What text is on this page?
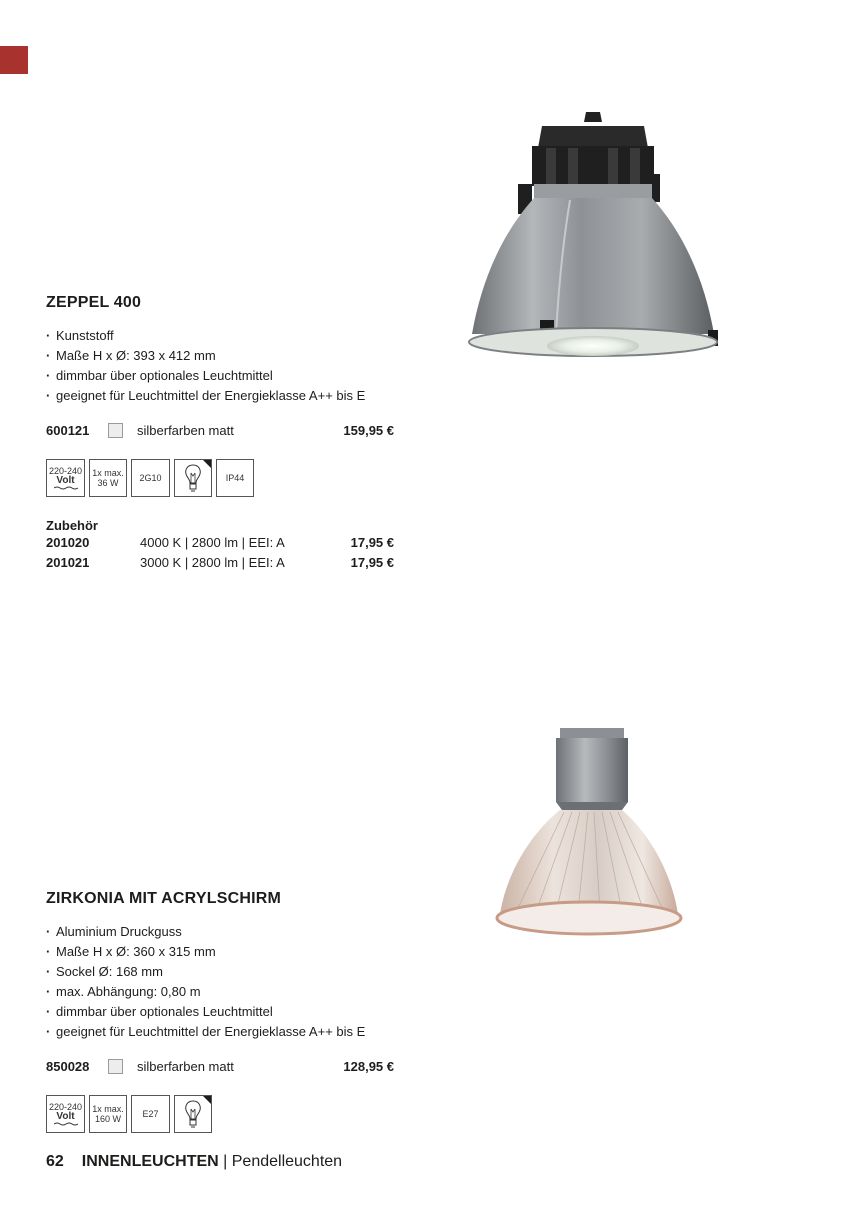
ZEPPEL 400
· Kunststoff
· Maße H x Ø: 393 x 412 mm
· dimmbar über optionales Leuchtmittel
· geeignet für Leuchtmittel der Energieklasse A++ bis E
600121	silberfarben matt	159,95 €
220-240
Volt
1x max.
36 W 2G10	IP44
Zubehör
201020	4000 K | 2800 lm | EEI: A	17,95 €
201021	3000 K | 2800 lm | EEI: A	17,95 €
ZIRKONIA MIT ACRYLSCHIRM
· Aluminium Druckguss
· Maße H x Ø: 360 x 315 mm
· Sockel Ø: 168 mm
· max. Abhängung: 0,80 m
· dimmbar über optionales Leuchtmittel
· geeignet für Leuchtmittel der Energieklasse A++ bis E
850028	silberfarben matt	128,95 €
220-240
Volt
1x max.
160 W E27
62 INNENLEUCHTEN | Pendelleuchten
